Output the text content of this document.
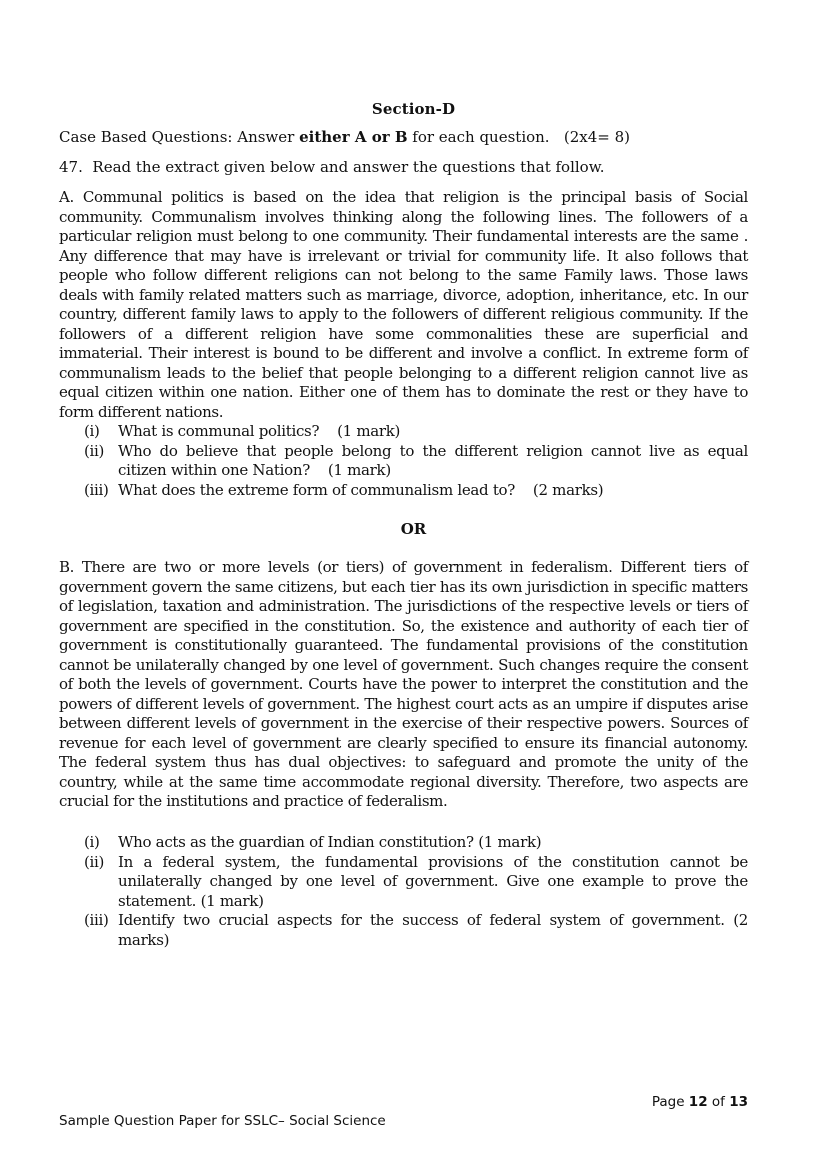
Section-D
Case Based Questions: Answer either A or B for each question. (2x4= 8)
47. Read the extract given below and answer the questions that follow.
A. Communal politics is based on the idea that religion is the principal basis of Social community. Communalism involves thinking along the following lines. The followers of a particular religion must belong to one community. Their fundamental interests are the same . Any difference that may have is irrelevant or trivial for community life. It also follows that people who follow different religions can not belong to the same Family laws. Those laws deals with family related matters such as marriage, divorce, adoption, inheritance, etc. In our country, different family laws to apply to the followers of different religious community. If the followers of a different religion have some commonalities these are superficial and immaterial. Their interest is bound to be different and involve a conflict. In extreme form of communalism leads to the belief that people belonging to a different religion cannot live as equal citizen within one nation. Either one of them has to dominate the rest or they have to form different nations.
(i)	What is communal politics? (1 mark)
(ii) Who do believe that people belong to the different religion cannot live as equal citizen within one Nation? (1 mark)
(iii) What does the extreme form of communalism lead to? (2 marks)
OR
B. There are two or more levels (or tiers) of government in federalism. Different tiers of government govern the same citizens, but each tier has its own jurisdiction in specific matters of legislation, taxation and administration. The jurisdictions of the respective levels or tiers of government are specified in the constitution. So, the existence and authority of each tier of government is constitutionally guaranteed. The fundamental provisions of the constitution cannot be unilaterally changed by one level of government. Such changes require the consent of both the levels of government. Courts have the power to interpret the constitution and the powers of different levels of government. The highest court acts as an umpire if disputes arise between different levels of government in the exercise of their respective powers. Sources of revenue for each level of government are clearly specified to ensure its financial autonomy. The federal system thus has dual objectives: to safeguard and promote the unity of the country, while at the same time accommodate regional diversity. Therefore, two aspects are crucial for the institutions and practice of federalism.
(i)	Who acts as the guardian of Indian constitution? (1 mark)
(ii) In a federal system, the fundamental provisions of the constitution cannot be unilaterally changed by one level of government. Give one example to prove the statement. (1 mark)
(iii) Identify two crucial aspects for the success of federal system of government. (2 marks)
Page 12 of 13
Sample Question Paper for SSLC– Social Science
